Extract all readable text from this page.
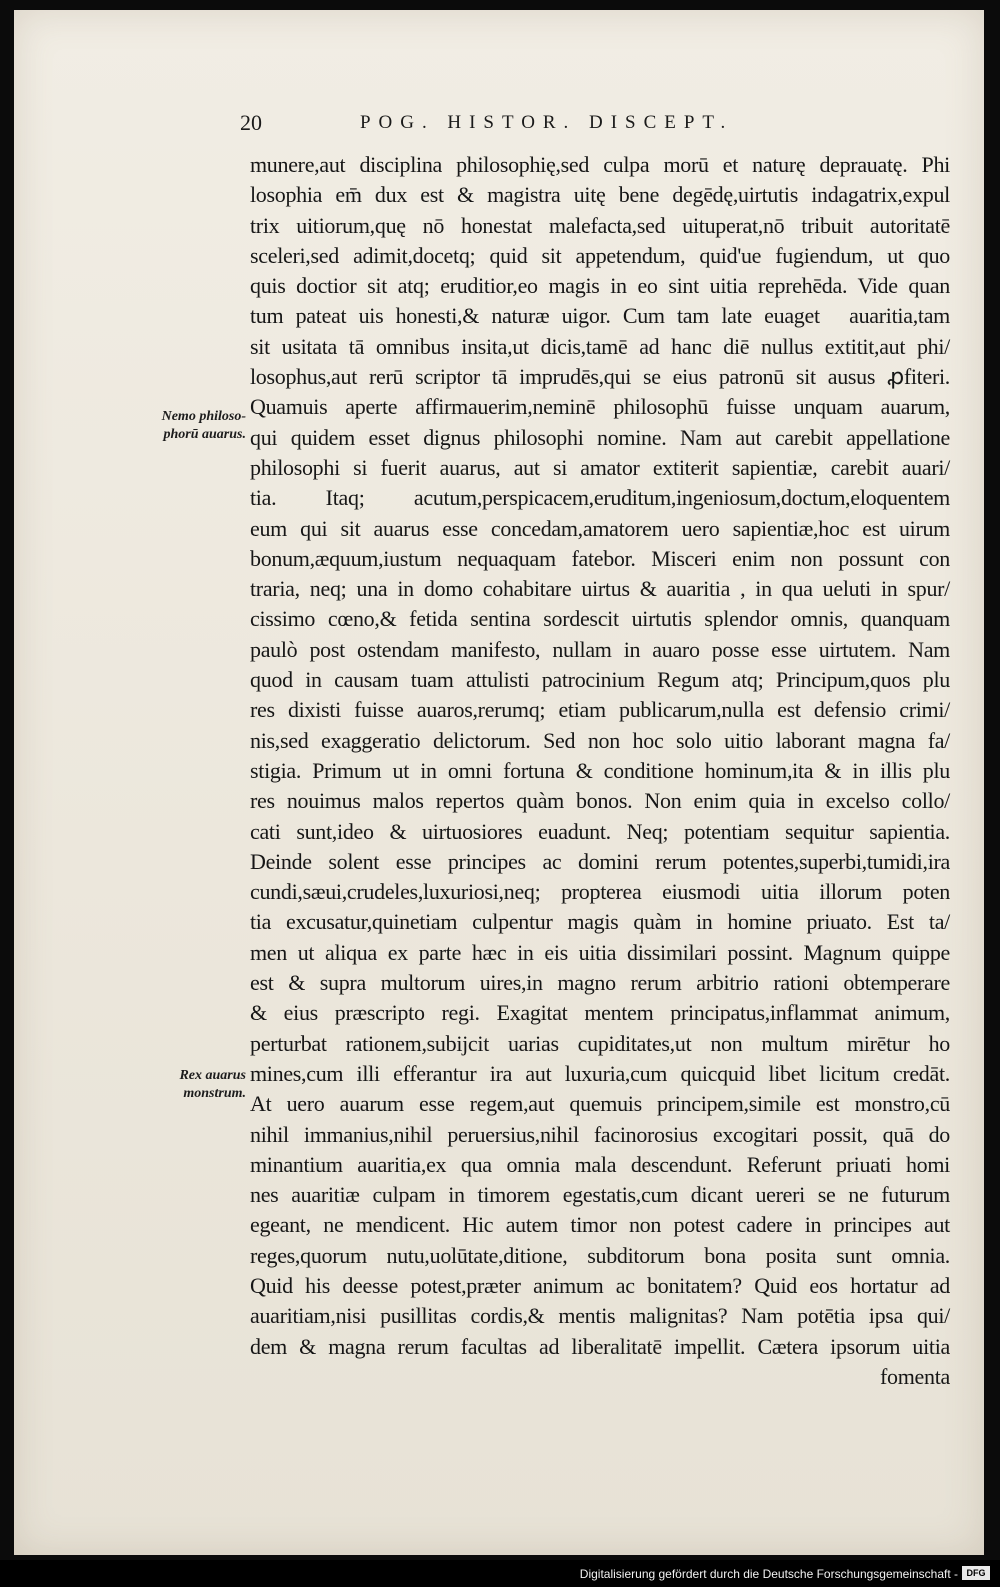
20	POG. HISTOR. DISCEPT.
Nemo philoso-
phorū auarus.
Rex auarus
monstrum.
munere,aut disciplina philosophię,sed culpa morū et naturę deprauatę. Phi
losophia em̄ dux est & magistra uitę bene degēdę,uirtutis indagatrix,expul
trix uitiorum,quę nō honestat malefacta,sed uituperat,nō tribuit autoritatē
sceleri,sed adimit,docetq; quid sit appetendum, quid'ue fugiendum, ut quo
quis doctior sit atq; eruditior,eo magis in eo sint uitia reprehēda. Vide quan
tum pateat uis honesti,& naturæ uigor. Cum tam late euagetᷓ auaritia,tam
sit usitata tā omnibus insita,ut dicis,tamē ad hanc diē nullus extitit,aut phi/
losophus,aut rerū scriptor tā imprudēs,qui se eius patronū sit ausus ꝓfiteri.
Quamuis aperte affirmauerim,neminē philosophū fuisse unquam auarum,
qui quidem esset dignus philosophi nomine. Nam aut carebit appellatione
philosophi si fuerit auarus, aut si amator extiterit sapientiæ, carebit auari/
tia. Itaq; acutum,perspicacem,eruditum,ingeniosum,doctum,eloquentem
eum qui sit auarus esse concedam,amatorem uero sapientiæ,hoc est uirum
bonum,æquum,iustum nequaquam fatebor. Misceri enim non possunt con
traria, neq; una in domo cohabitare uirtus & auaritia , in qua ueluti in spur/
cissimo cœno,& fetida sentina sordescit uirtutis splendor omnis, quanquam
paulò post ostendam manifesto, nullam in auaro posse esse uirtutem. Nam
quod in causam tuam attulisti patrocinium Regum atq; Principum,quos plu
res dixisti fuisse auaros,rerumq; etiam publicarum,nulla est defensio crimi/
nis,sed exaggeratio delictorum. Sed non hoc solo uitio laborant magna fa/
stigia. Primum ut in omni fortuna & conditione hominum,ita & in illis plu
res nouimus malos repertos quàm bonos. Non enim quia in excelso collo/
cati sunt,ideo & uirtuosiores euadunt. Neq; potentiam sequitur sapientia.
Deinde solent esse principes ac domini rerum potentes,superbi,tumidi,ira
cundi,sæui,crudeles,luxuriosi,neq; propterea eiusmodi uitia illorum poten
tia excusatur,quinetiam culpentur magis quàm in homine priuato. Est ta/
men ut aliqua ex parte hæc in eis uitia dissimilari possint. Magnum quippe
est & supra multorum uires,in magno rerum arbitrio rationi obtemperare
& eius præscripto regi. Exagitat mentem principatus,inflammat animum,
perturbat rationem,subijcit uarias cupiditates,ut non multum mirētur ho
mines,cum illi efferantur ira aut luxuria,cum quicquid libet licitum credāt.
At uero auarum esse regem,aut quemuis principem,simile est monstro,cū
nihil immanius,nihil peruersius,nihil facinorosius excogitari possit, quā do
minantium auaritia,ex qua omnia mala descendunt. Referunt priuati homi
nes auaritiæ culpam in timorem egestatis,cum dicant uereri se ne futurum
egeant, ne mendicent. Hic autem timor non potest cadere in principes aut
reges,quorum nutu,uolūtate,ditione, subditorum bona posita sunt omnia.
Quid his deesse potest,præter animum ac bonitatem? Quid eos hortatur ad
auaritiam,nisi pusillitas cordis,& mentis malignitas? Nam potētia ipsa qui/
dem & magna rerum facultas ad liberalitatē impellit. Cætera ipsorum uitia
fomenta
Digitalisierung gefördert durch die Deutsche Forschungsgemeinschaft - DFG
